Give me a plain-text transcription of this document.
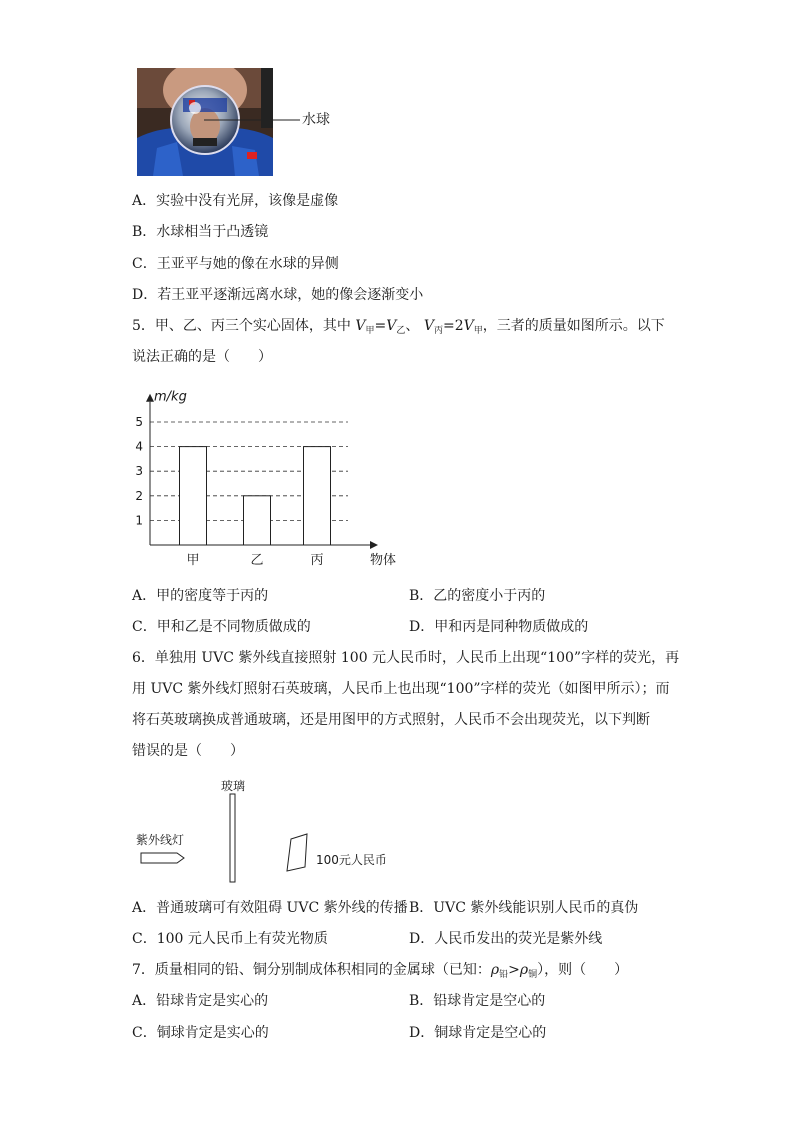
水球
A．实验中没有光屏，该像是虚像
B．水球相当于凸透镜
C．王亚平与她的像在水球的异侧
D．若王亚平逐渐远离水球，她的像会逐渐变小
5．甲、乙、丙三个实心固体，其中 $V_甲=V_乙$、 $V_丙=2V_甲$，三者的质量如图所示。以下
说法正确的是（　　）
m/kg
1
2
3
4
5
甲	乙	丙	物体
A．甲的密度等于丙的	B．乙的密度小于丙的
C．甲和乙是不同物质做成的	D．甲和丙是同种物质做成的
6．单独用 UVC 紫外线直接照射 100 元人民币时，人民币上出现“100”字样的荧光，再
用 UVC 紫外线灯照射石英玻璃，人民币上也出现“100”字样的荧光（如图甲所示）；而
将石英玻璃换成普通玻璃，还是用图甲的方式照射，人民币不会出现荧光，以下判断
错误的是（　　）
玻璃
紫外线灯
100元人民币
A．普通玻璃可有效阻碍 UVC 紫外线的传播 B．UVC 紫外线能识别人民币的真伪
C．100 元人民币上有荧光物质	D．人民币发出的荧光是紫外线
7．质量相同的铅、铜分别制成体积相同的金属球（已知：$\rho_铅>\rho_铜$），则（　　）
A．铅球肯定是实心的	B．铅球肯定是空心的
C．铜球肯定是实心的	D．铜球肯定是空心的
